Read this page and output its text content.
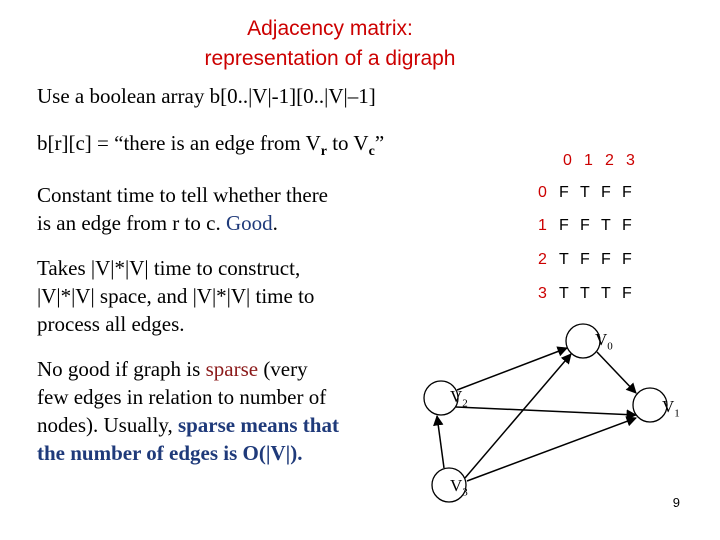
Adjacency matrix:
representation of a digraph
Use a boolean array b[0..|V|-1][0..|V|–1]
b[r][c] = “there is an edge from $V_r$ to $V_c$”
Constant time to tell whether there
is an edge from r to c. Good.
Takes |V|*|V| time to construct,
|V|*|V| space, and |V|*|V| time to
process all edges.
No good if graph is sparse (very
few edges in relation to number of
nodes). Usually, sparse means that
the number of edges is O(|V|).
0 1 2 3
0 F T F F
1 F F T F
2 T F F F
3 T T T F
$V_0$
$V_1$
$V_2$
$V_3$
9
